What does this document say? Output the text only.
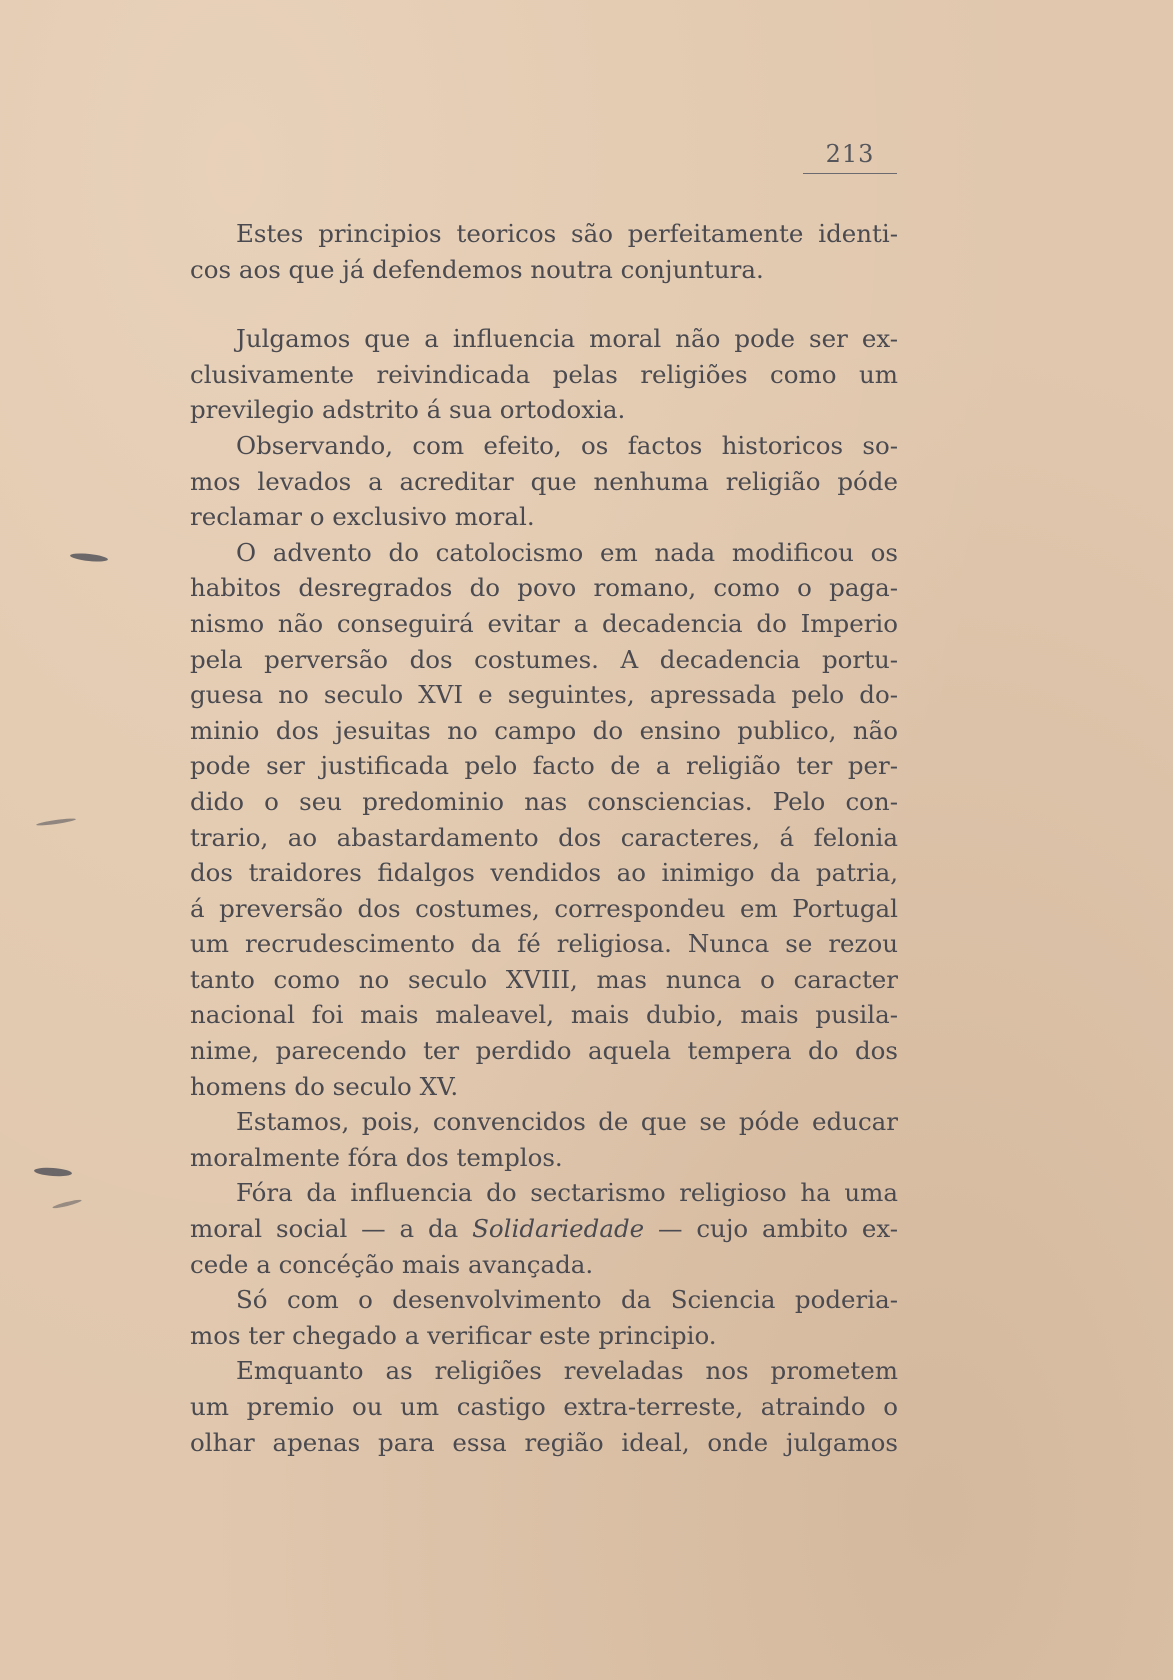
213

Estes principios teoricos são perfeitamente identi-
cos aos que já defendemos noutra conjuntura.

Julgamos que a influencia moral não pode ser ex-
clusivamente reivindicada pelas religiões como um
previlegio adstrito á sua ortodoxia.

Observando, com efeito, os factos historicos so-
mos levados a acreditar que nenhuma religião póde
reclamar o exclusivo moral.

O advento do catolocismo em nada modificou os
habitos desregrados do povo romano, como o paga-
nismo não conseguirá evitar a decadencia do Imperio
pela perversão dos costumes. A decadencia portu-
guesa no seculo XVI e seguintes, apressada pelo do-
minio dos jesuitas no campo do ensino publico, não
pode ser justificada pelo facto de a religião ter per-
dido o seu predominio nas consciencias. Pelo con-
trario, ao abastardamento dos caracteres, á felonia
dos traidores fidalgos vendidos ao inimigo da patria,
á preversão dos costumes, correspondeu em Portugal
um recrudescimento da fé religiosa. Nunca se rezou
tanto como no seculo XVIII, mas nunca o caracter
nacional foi mais maleavel, mais dubio, mais pusila-
nime, parecendo ter perdido aquela tempera do dos
homens do seculo XV.

Estamos, pois, convencidos de que se póde educar
moralmente fóra dos templos.

Fóra da influencia do sectarismo religioso ha uma
moral social — a da Solidariedade — cujo ambito ex-
cede a concéção mais avançada.

Só com o desenvolvimento da Sciencia poderia-
mos ter chegado a verificar este principio.

Emquanto as religiões reveladas nos prometem
um premio ou um castigo extra-terreste, atraindo o
olhar apenas para essa região ideal, onde julgamos
